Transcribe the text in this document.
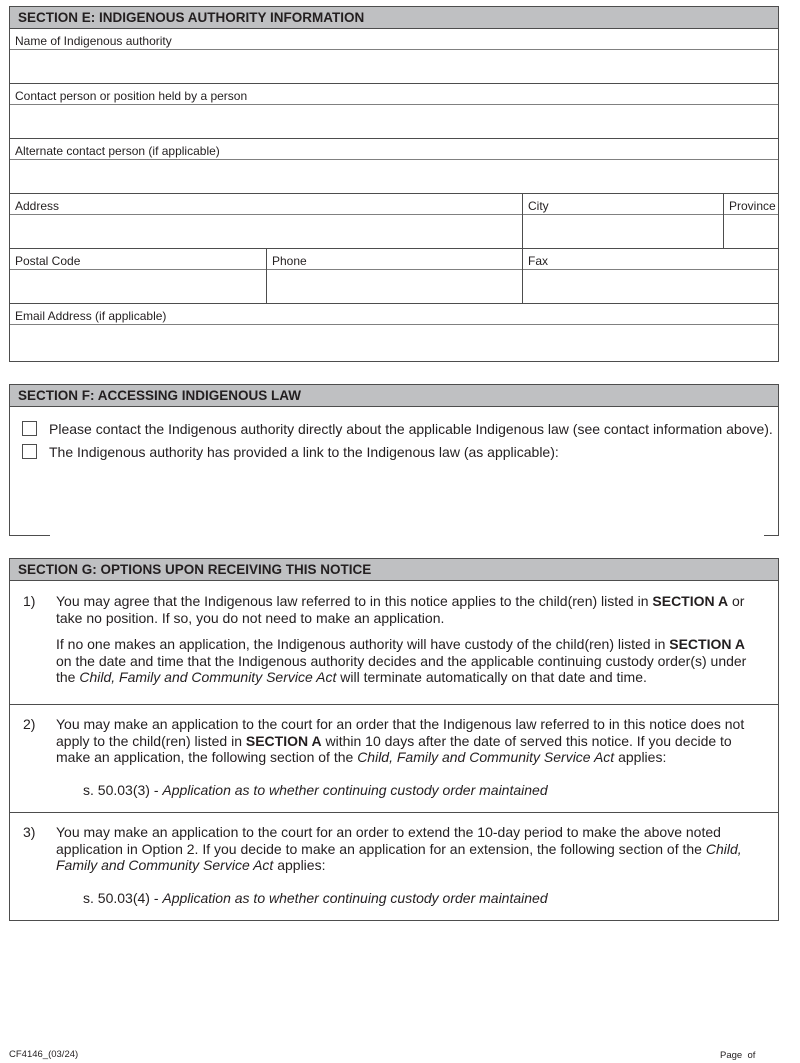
SECTION E: INDIGENOUS AUTHORITY INFORMATION
Name of Indigenous authority
Contact person or position held by a person
Alternate contact person (if applicable)
Address	City	Province
Postal Code	Phone	Fax
Email Address (if applicable)
SECTION F: ACCESSING INDIGENOUS LAW
Please contact the Indigenous authority directly about the applicable Indigenous law (see contact information above).
The Indigenous authority has provided a link to the Indigenous law (as applicable):
SECTION G: OPTIONS UPON RECEIVING THIS NOTICE
1)	You may agree that the Indigenous law referred to in this notice applies to the child(ren) listed in SECTION A or take no position. If so, you do not need to make an application.

If no one makes an application, the Indigenous authority will have custody of the child(ren) listed in SECTION A on the date and time that the Indigenous authority decides and the applicable continuing custody order(s) under the Child, Family and Community Service Act will terminate automatically on that date and time.

2)	You may make an application to the court for an order that the Indigenous law referred to in this notice does not apply to the child(ren) listed in SECTION A within 10 days after the date of served this notice. If you decide to make an application, the following section of the Child, Family and Community Service Act applies:

s. 50.03(3) - Application as to whether continuing custody order maintained

3)	You may make an application to the court for an order to extend the 10-day period to make the above noted application in Option 2. If you decide to make an application for an extension, the following section of the Child, Family and Community Service Act applies:

s. 50.03(4) - Application as to whether continuing custody order maintained

CF4146_(03/24)	Page  of
